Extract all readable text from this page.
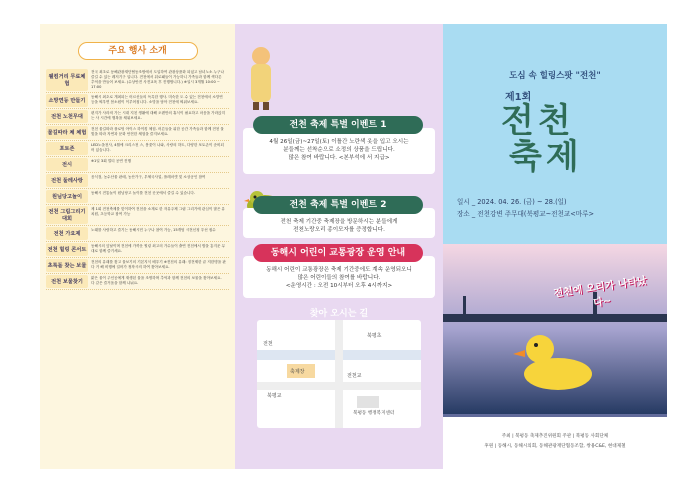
주요 행사 소개
웰컴거리 무료체험
전국 최초로 동해관광재단협동조합에서 도입하여 관광상품화 되었고 남녀노소 누구나 즐길 수 있는 레저기구 입니다. 전천에서 뒤로패들이 가능하니 가족들과 함께 색다른 추억을 만들어 보세요. (수상안전 사전교육 후 진행합니다.) ※일시 3개월 10:00 ~ 17:00
소망연등 만들기
동해시 최초로 개최되는 어르신들의 독특한 행사. 미숙한 도 수 있는 전천에서 소망연등을 띄우면 봄소원이 이루어집니다. 소망을 담아 전천에 띄워보세요.
전천 노천무대
편지가 사라져 가는 시대 지친 생활에 대해 오랜만의 휴식이 필요하고 마음을 가라앉히는 사 시간에 행복을 채워보세요.
물길따라 체 체험
전천 물길따라 플로팅 아이스 하이킹 체험. 어른들을 위한 공간 가족들과 함께 전천 물빛을 따라 자연과 문화 안전한 체험을 즐겨보세요.
포토존
LED노을천사, 4월에 크리스천 스, 봄꽃이 나와, 사랑의 하트, 다양한 포토존이 준비되어 있습니다.
전시
※1일 3회 멀티 공연 진행
전천 둘레사랑
음식점, 농수산물 판매, 농산가구, 우체국사업, 플레마켓 및 소상공인 참여
원님당고놀이
동해시 전통놀이 원님당고 놀이를 전천 곳곳에서 즐길 수 있습니다.
전천 그림그리기 대회
제 1회 전천축제를 맞이하여 전천을 소재로 한 자유주제 그림 그리기에 관심이 많은 유치원, 초등학교 참여 가능
전천 가요제
노래를 사랑하고 즐기는 동해시민 누구나 참여 가능, 15개팀 시전신청 우선 접수
전천 힐링 콘서트
동해시의 앞날이며 전천에 가까운 힐링 최고의 가수들이 출연 전천에서 밤을 흥겨운 무대로 함께 즐기세요.
초록돌 찾는 보물
전천의 유래를 찾고 물보기의 기본지식 배우기 ※전천의 유래: 징전제한 끝 저한명을 판 다 거 해 비행에 걸어가 정착시켜 하여 찾아보세요.
전천 보물찾기
맑은 물이 주인공에게 재생된 물을 조명하며 추억과 함께 전천의 보물을 찾아보세요. 다 같은 즐거움을 함께 나눠요.
4월 26일(금)~27일(토) 이틀간 노란색 옷을 입고 오시는
분들께는 선착순으로 소정의 상품을 드립니다.
많은 참여 바랍니다. <본부석에 서 지급>
전천 축제 특별 이벤트 1
전천 축제 기간중 축제장을 방문하시는 분들에게
전천노랑오리 종이모자를 증정합니다.
전천 축제 특별 이벤트 2
동해시 어린이 교통광장은 축제 기간중에도 계속 운영되오니
많은 어린이들의 참여를 바랍니다.
<운영시간 : 오전 10시부터 오후 4시까지>
동해시 어린이 교통광장 운영 안내
찾아 오시는 길
전천
축제장
북평초
북평동 행정복지센터
전천교
북평교
도심 속 힐링스팟 "전천"
제1회
전천
축제
일시 _ 2024. 04. 26. (금) ~ 28.(일)
장소 _ 전천강변 주무대(북평교~전천교<마루>
전천에 오리가 나타났다~
주최 | 북평동 축제추진위원회 주관 | 북평동 사회단체
후원 | 동해시, 동해시의회, 동해관광재단협동조합, 쌍용C&E, 현대제철
